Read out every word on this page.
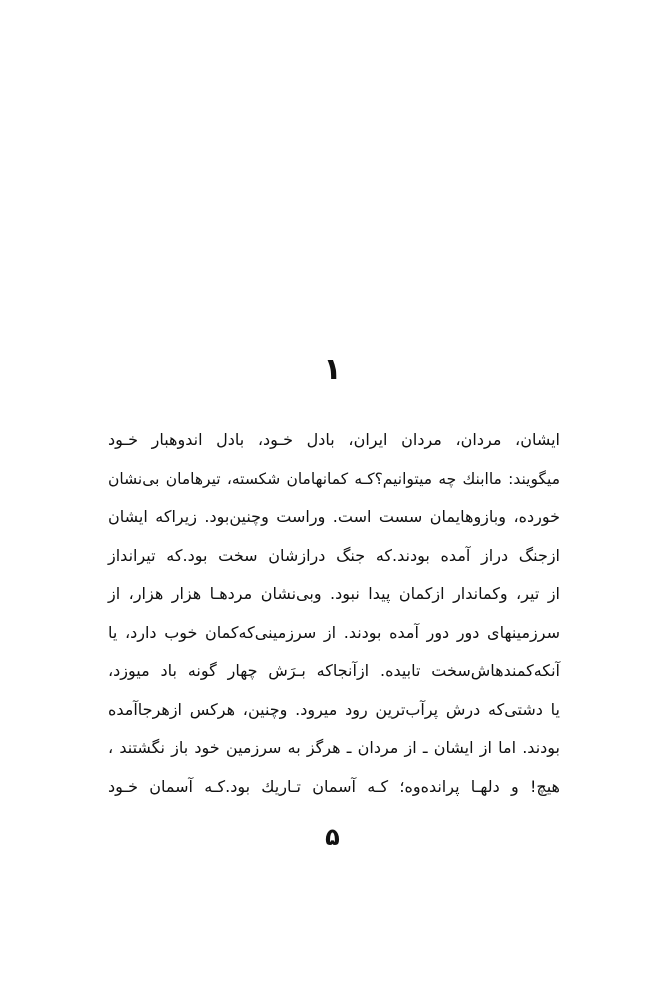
۱
ایشان، مردان، مردان ایران، بادل خـود، بادل اندوهبار خـود
میگویند: ماابنك چه میتوانیم؟کـه کمانهامان شکسته، تیرهامان بی‌نشان
خورده، وبازوهایمان سست است. وراست وچنین‌بود. زیراکه ایشان
ازجنگ دراز آمده بودند.که جنگ درازشان سخت بود.که تیرانداز
از تیر، وکماندار ازکمان پیدا نبود. وبی‌نشان مردهـا هزار هزار، از
سرزمینهای دور دور آمده بودند. از سرزمینی‌که‌کمان خوب دارد، یا
آنکه‌کمندهاش‌سخت تابیده. ازآنجاکه بـرَش چهار گونه باد میوزد،
یا دشتی‌که درش پرآب‌ترین رود میرود. وچنین، هرکس ازهرجاآمده
بودند. اما از ایشان ـ از مردان ـ هرگز به سرزمین خود باز نگشتند ،
هیچ! و دلهـا پرانده‌وه؛ کـه آسمان تـاریك بود.کـه آسمان خـود
۵
